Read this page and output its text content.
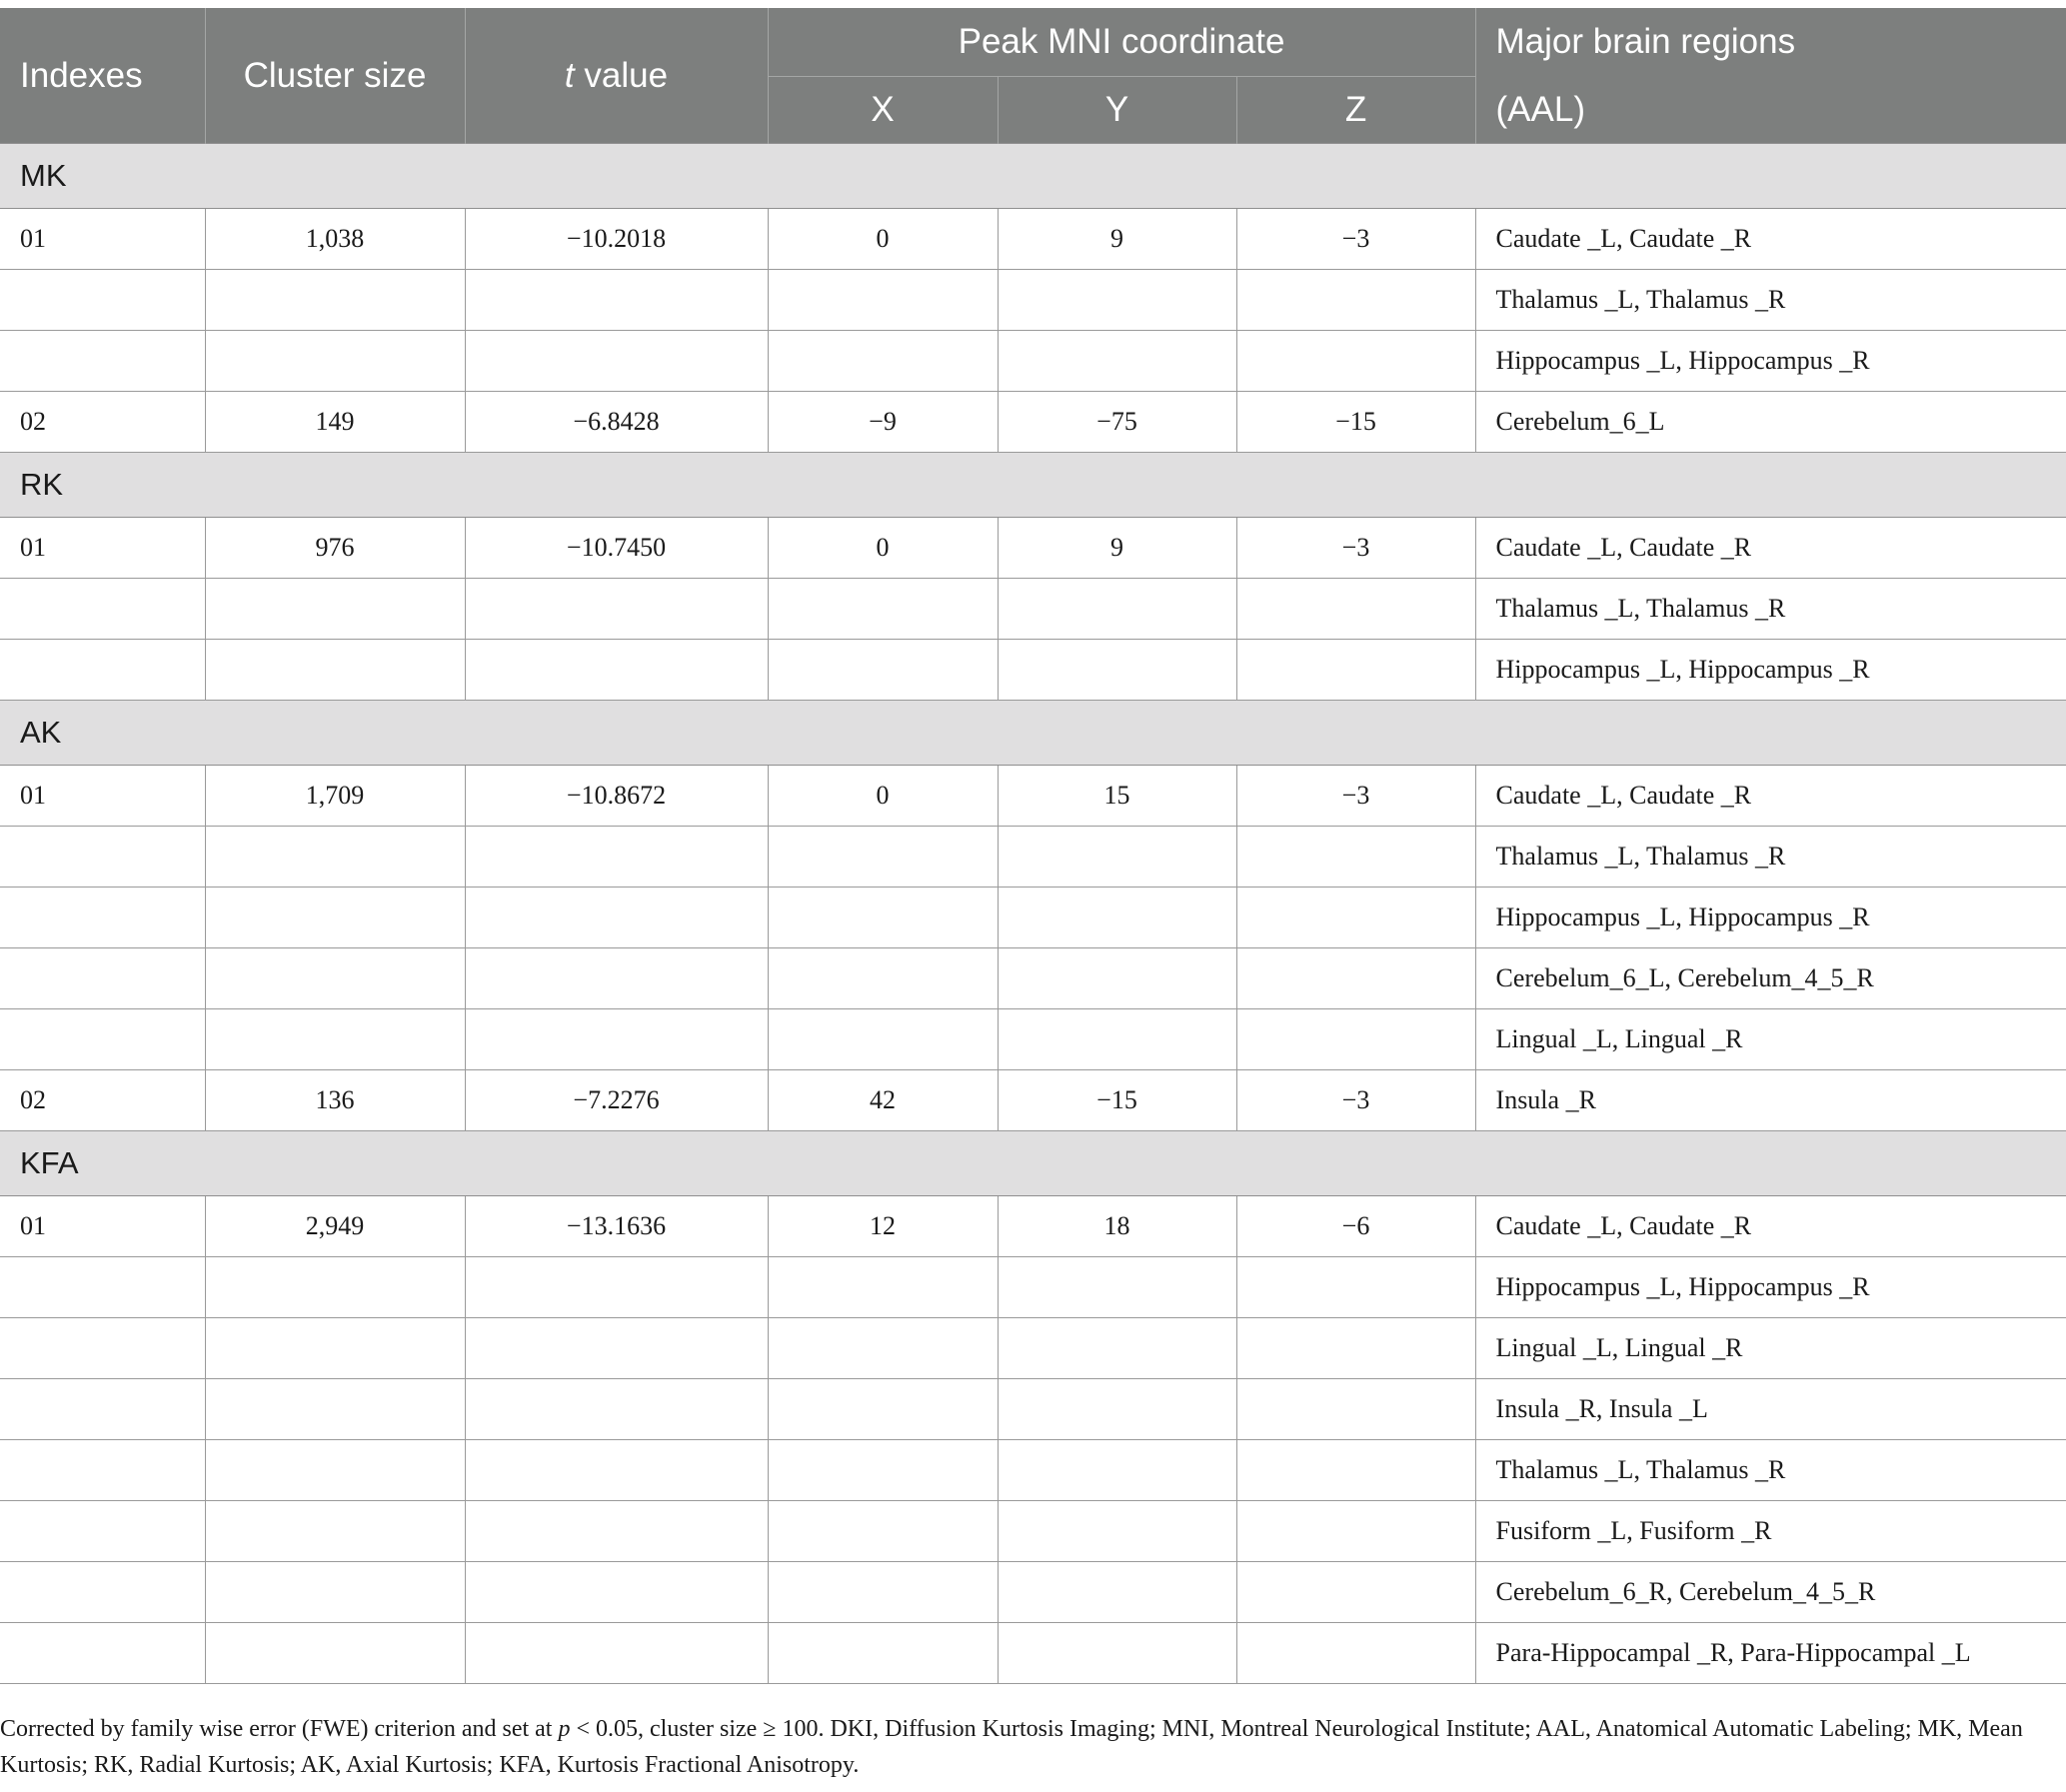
Indexes	Cluster size	t value	Peak MNI coordinate			Major brain regions
			X	Y	Z	(AAL)
MK						
01	1,038	−10.2018	0	9	−3	Caudate _L, Caudate _R
						Thalamus _L, Thalamus _R
						Hippocampus _L, Hippocampus _R
02	149	−6.8428	−9	−75	−15	Cerebelum_6_L
RK						
01	976	−10.7450	0	9	−3	Caudate _L, Caudate _R
						Thalamus _L, Thalamus _R
						Hippocampus _L, Hippocampus _R
AK						
01	1,709	−10.8672	0	15	−3	Caudate _L, Caudate _R
						Thalamus _L, Thalamus _R
						Hippocampus _L, Hippocampus _R
						Cerebelum_6_L, Cerebelum_4_5_R
						Lingual _L, Lingual _R
02	136	−7.2276	42	−15	−3	Insula _R
KFA						
01	2,949	−13.1636	12	18	−6	Caudate _L, Caudate _R
						Hippocampus _L, Hippocampus _R
						Lingual _L, Lingual _R
						Insula _R, Insula _L
						Thalamus _L, Thalamus _R
						Fusiform _L, Fusiform _R
						Cerebelum_6_R, Cerebelum_4_5_R
						Para-Hippocampal _R, Para-Hippocampal _L
Corrected by family wise error (FWE) criterion and set at p < 0.05, cluster size ≥ 100. DKI, Diffusion Kurtosis Imaging; MNI, Montreal Neurological Institute; AAL, Anatomical Automatic Labeling; MK, Mean Kurtosis; RK, Radial Kurtosis; AK, Axial Kurtosis; KFA, Kurtosis Fractional Anisotropy.
